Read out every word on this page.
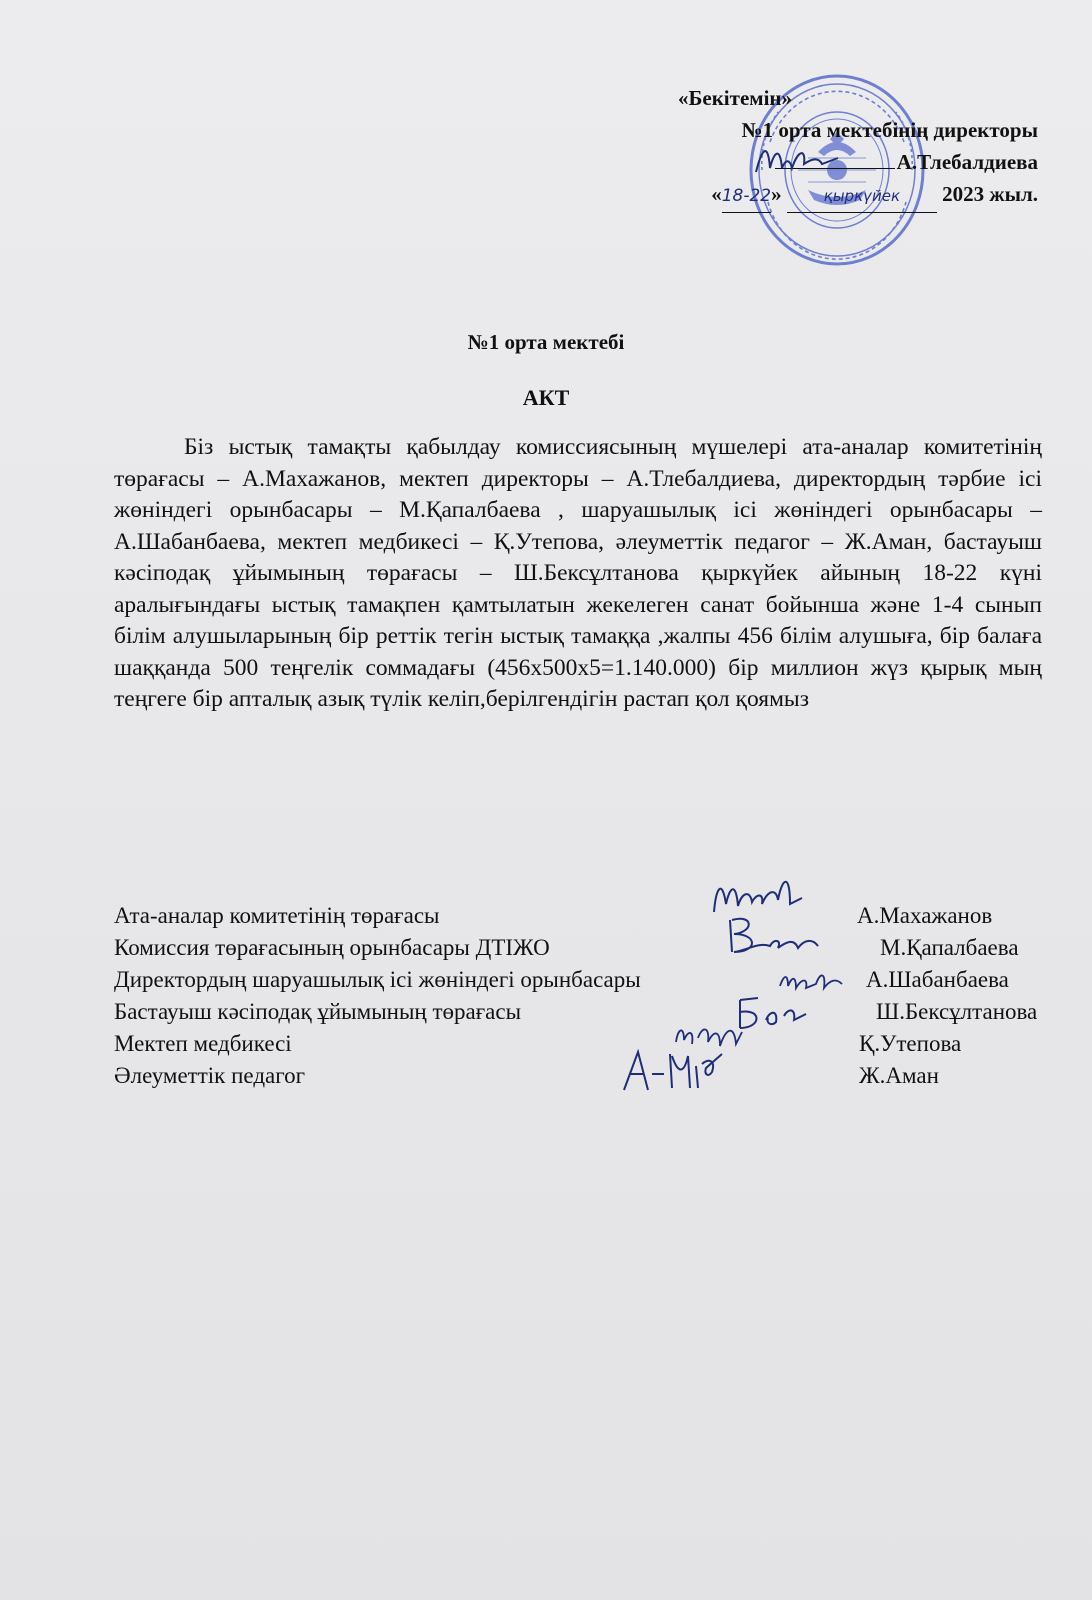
«Бекітемін»
№1 орта мектебінің директоры
А.Тлебалдиева
«18-22»	қыркүйек 2023 жыл.
№1 орта мектебі
АКТ
Біз ыстық тамақты қабылдау комиссиясының мүшелері ата-аналар комитетінің төрағасы – А.Махажанов, мектеп директоры – А.Тлебалдиева, директордың тәрбие ісі жөніндегі орынбасары – М.Қапалбаева , шаруашылық ісі жөніндегі орынбасары – А.Шабанбаева, мектеп медбикесі – Қ.Утепова, әлеуметтік педагог – Ж.Аман, бастауыш кәсіподақ ұйымының төрағасы – Ш.Бексұлтанова қыркүйек айының 18-22 күні аралығындағы ыстық тамақпен қамтылатын жекелеген санат бойынша және 1-4 сынып білім алушыларының бір реттік тегін ыстық тамаққа ,жалпы 456 білім алушыға, бір балаға шаққанда 500 теңгелік соммадағы (456х500х5=1.140.000) бір миллион жүз қырық мың теңгеге бір апталық азық түлік келіп,берілгендігін растап қол қоямыз
Ата-аналар комитетінің төрағасы	А.Махажанов
Комиссия төрағасының орынбасары ДТІЖО	М.Қапалбаева
Директордың шаруашылық ісі жөніндегі орынбасары	А.Шабанбаева
Бастауыш кәсіподақ ұйымының төрағасы	Ш.Бексұлтанова
Мектеп медбикесі	Қ.Утепова
Әлеуметтік педагог	Ж.Аман
